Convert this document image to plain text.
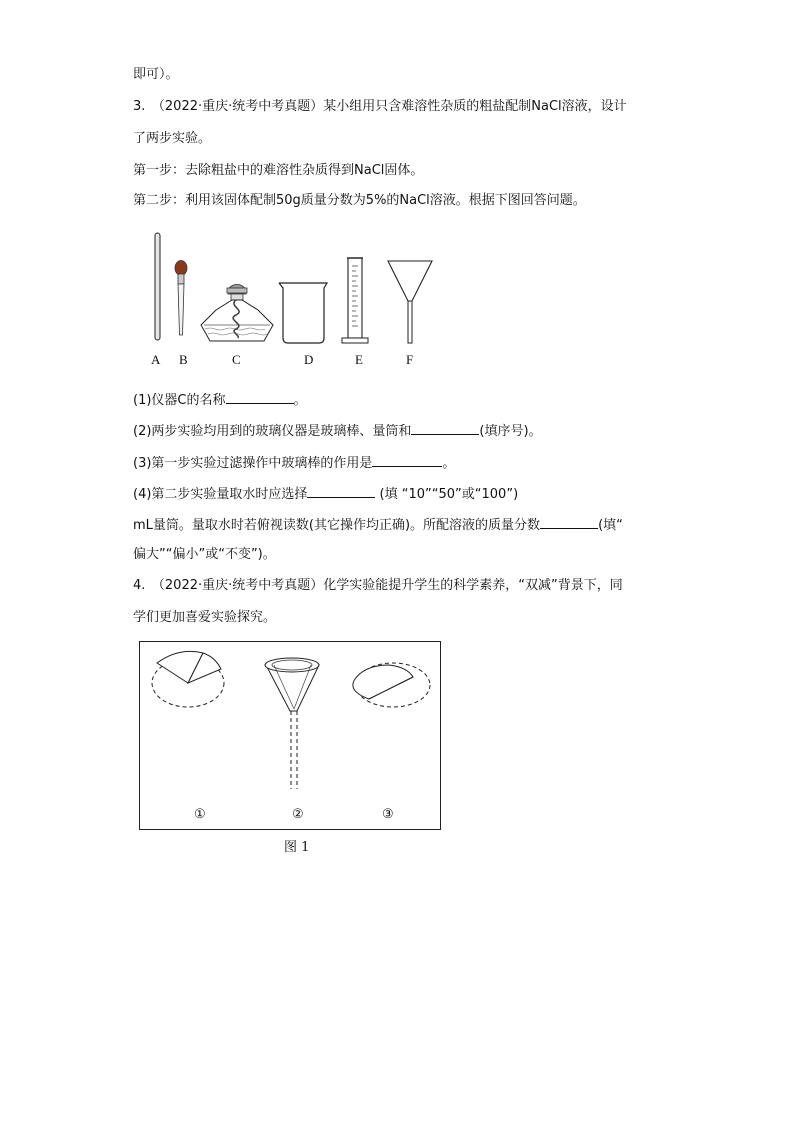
即可）。
3.　（2022·重庆·统考中考真题）某小组用只含难溶性杂质的粗盐配制NaCl溶液，设计
了两步实验。
第一步：去除粗盐中的难溶性杂质得到NaCl固体。
第二步：利用该固体配制50g质量分数为5%的NaCl溶液。根据下图回答问题。
A B	C	D	E	F
(1)仪器C的名称	。
(2)两步实验均用到的玻璃仪器是玻璃棒、量筒和	(填序号)。
(3)第一步实验过滤操作中玻璃棒的作用是	。
(4)第二步实验量取水时应选择	(填 “10”“50”或“100”)
mL量筒。量取水时若俯视读数(其它操作均正确)。所配溶液的质量分数	(填“
偏大”“偏小”或“不变”)。
4.　（2022·重庆·统考中考真题）化学实验能提升学生的科学素养，“双减”背景下，同
学们更加喜爱实验探究。
①	②	③
图 1
